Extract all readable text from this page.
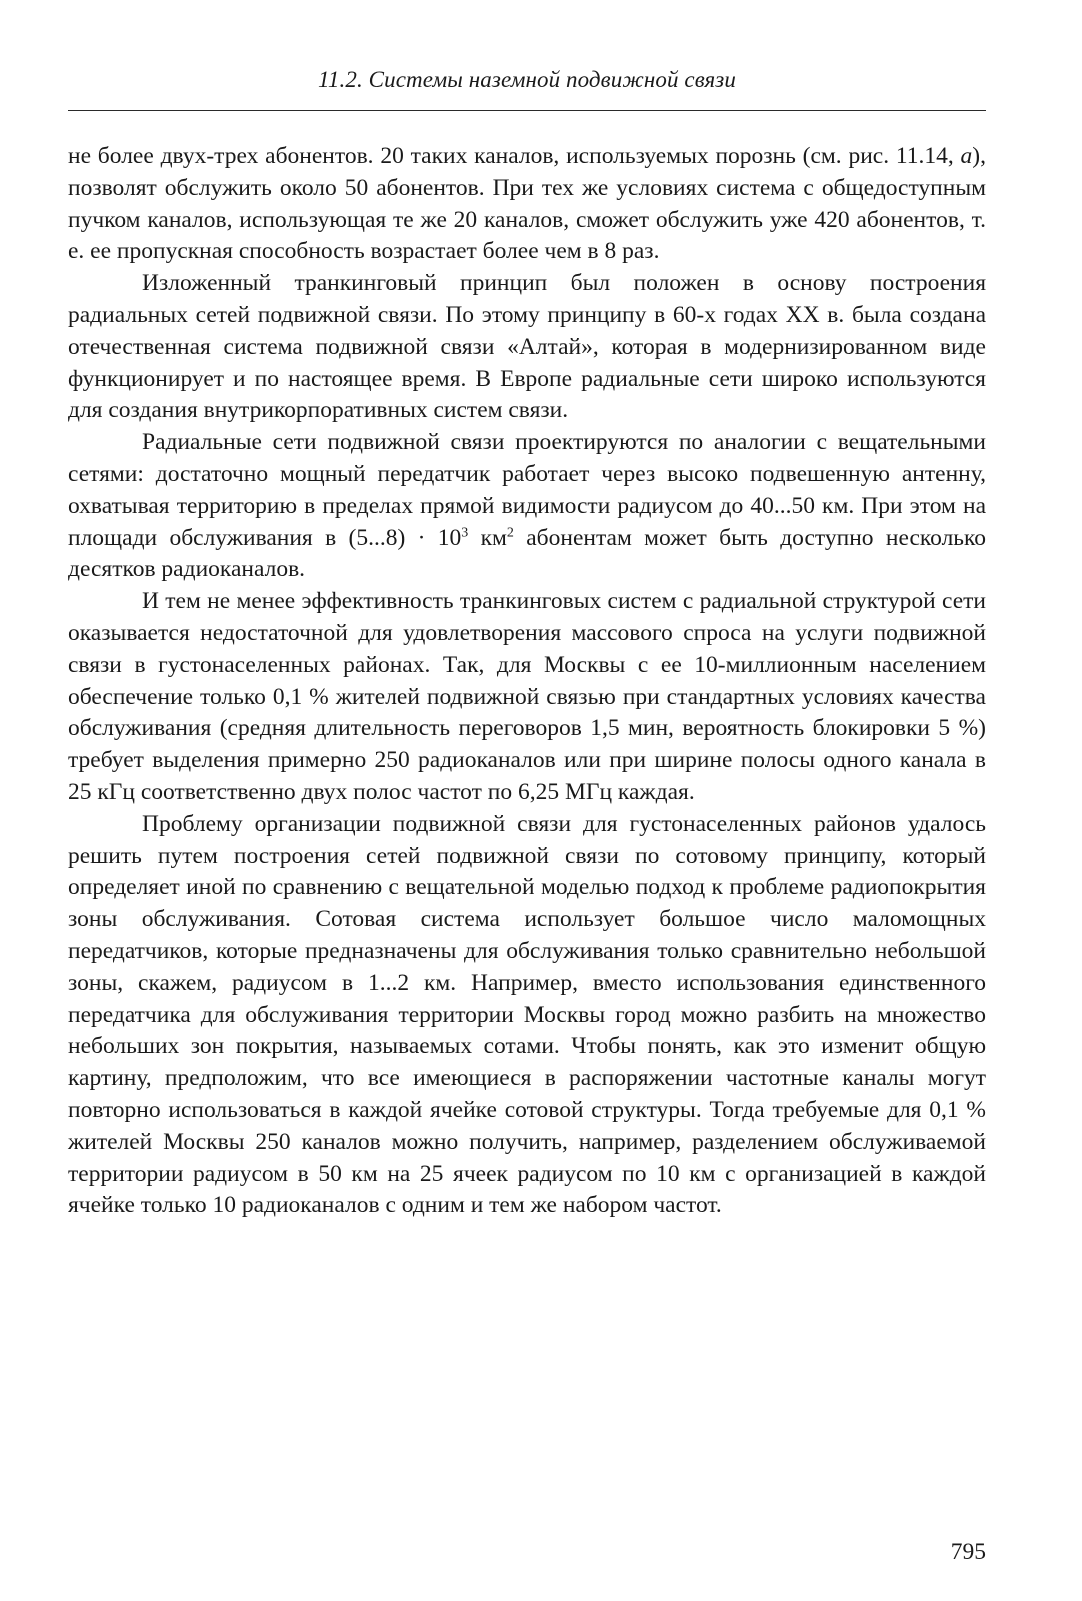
11.2. Системы наземной подвижной связи

не более двух-трех абонентов. 20 таких каналов, используемых порознь (см. рис. 11.14, а), позволят обслужить около 50 абонентов. При тех же условиях система с общедоступным пучком каналов, использующая те же 20 каналов, сможет обслужить уже 420 абонентов, т. е. ее пропускная способность возрастает более чем в 8 раз.

Изложенный транкинговый принцип был положен в основу построения радиальных сетей подвижной связи. По этому принципу в 60-х годах XX в. была создана отечественная система подвижной связи «Алтай», которая в модернизированном виде функционирует и по настоящее время. В Европе радиальные сети широко используются для создания внутрикорпоративных систем связи.

Радиальные сети подвижной связи проектируются по аналогии с вещательными сетями: достаточно мощный передатчик работает через высоко подвешенную антенну, охватывая территорию в пределах прямой видимости радиусом до 40...50 км. При этом на площади обслуживания в $(5...8) \cdot 10^3$ $км^2$ абонентам может быть доступно несколько десятков радиоканалов.

И тем не менее эффективность транкинговых систем с радиальной структурой сети оказывается недостаточной для удовлетворения массового спроса на услуги подвижной связи в густонаселенных районах. Так, для Москвы с ее 10-миллионным населением обеспечение только 0,1 % жителей подвижной связью при стандартных условиях качества обслуживания (средняя длительность переговоров 1,5 мин, вероятность блокировки 5 %) требует выделения примерно 250 радиоканалов или при ширине полосы одного канала в 25 кГц соответственно двух полос частот по 6,25 МГц каждая.

Проблему организации подвижной связи для густонаселенных районов удалось решить путем построения сетей подвижной связи по сотовому принципу, который определяет иной по сравнению с вещательной моделью подход к проблеме радиопокрытия зоны обслуживания. Сотовая система использует большое число маломощных передатчиков, которые предназначены для обслуживания только сравнительно небольшой зоны, скажем, радиусом в 1...2 км. Например, вместо использования единственного передатчика для обслуживания территории Москвы город можно разбить на множество небольших зон покрытия, называемых сотами. Чтобы понять, как это изменит общую картину, предположим, что все имеющиеся в распоряжении частотные каналы могут повторно использоваться в каждой ячейке сотовой структуры. Тогда требуемые для 0,1 % жителей Москвы 250 каналов можно получить, например, разделением обслуживаемой территории радиусом в 50 км на 25 ячеек радиусом по 10 км с организацией в каждой ячейке только 10 радиоканалов с одним и тем же набором частот.

795
